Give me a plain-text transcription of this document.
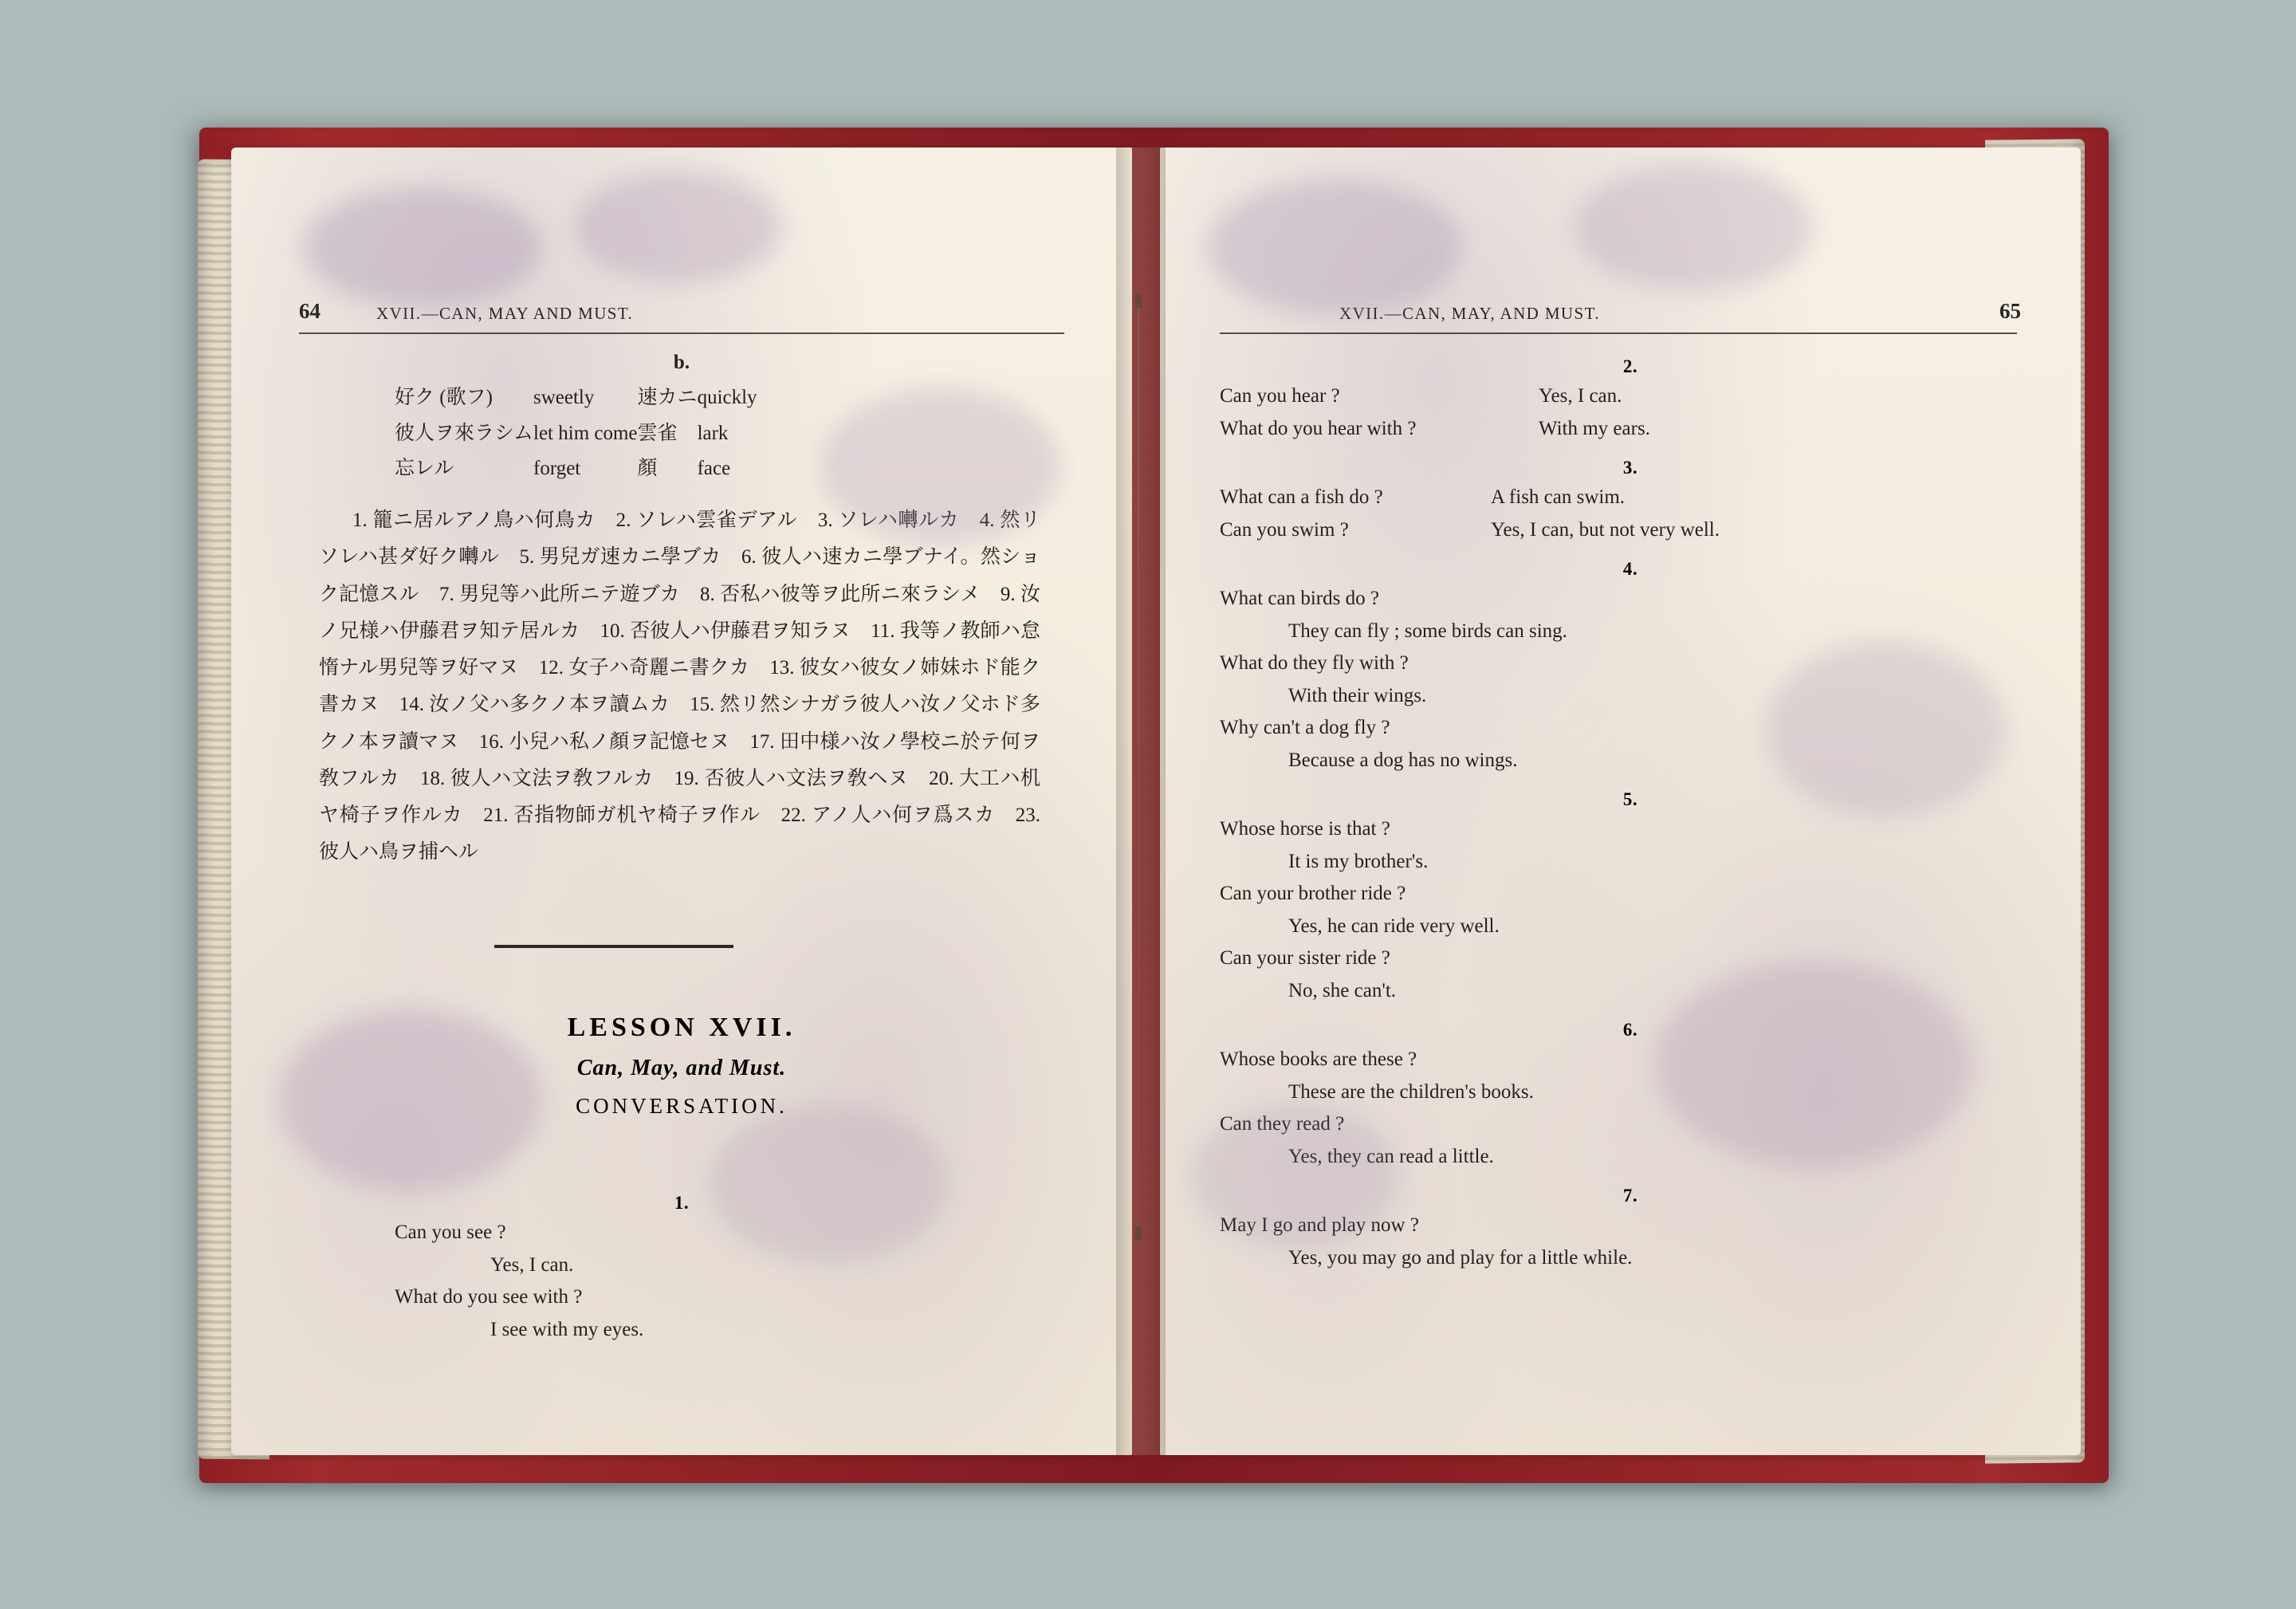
64	XVII.—CAN, MAY AND MUST.
b.
好ク (歌フ)	sweetly	速カニ	quickly
彼人ヲ來ラシム	let him come	雲雀	lark
忘レル	forget	顏	face
1. 籠ニ居ルアノ鳥ハ何鳥カ　2. ソレハ雲雀デアル　3. ソレハ囀ルカ　4. 然リソレハ甚ダ好ク囀ル　5. 男兒ガ速カニ學ブカ　6. 彼人ハ速カニ學ブナイ。然ショク記憶スル　7. 男兒等ハ此所ニテ遊ブカ　8. 否私ハ彼等ヲ此所ニ來ラシメ　9. 汝ノ兄様ハ伊藤君ヲ知テ居ルカ　10. 否彼人ハ伊藤君ヲ知ラヌ　11. 我等ノ教師ハ怠惰ナル男兒等ヲ好マヌ　12. 女子ハ奇麗ニ書クカ　13. 彼女ハ彼女ノ姉妹ホド能ク書カヌ　14. 汝ノ父ハ多クノ本ヲ讀ムカ　15. 然リ然シナガラ彼人ハ汝ノ父ホド多クノ本ヲ讀マヌ　16. 小兒ハ私ノ顏ヲ記憶セヌ　17. 田中様ハ汝ノ學校ニ於テ何ヲ敎フルカ　18. 彼人ハ文法ヲ敎フルカ　19. 否彼人ハ文法ヲ敎ヘヌ　20. 大工ハ机ヤ椅子ヲ作ルカ　21. 否指物師ガ机ヤ椅子ヲ作ル　22. アノ人ハ何ヲ爲スカ　23. 彼人ハ鳥ヲ捕ヘル
LESSON XVII.
Can, May, and Must.
CONVERSATION.
1.
Can you see ?
Yes, I can.
What do you see with ?
I see with my eyes.
XVII.—CAN, MAY, AND MUST.	65
2.
Can you hear ?	Yes, I can.
What do you hear with ?	With my ears.
3.
What can a fish do ?	A fish can swim.
Can you swim ?	Yes, I can, but not very well.
4.
What can birds do ?
They can fly ; some birds can sing.
What do they fly with ?
With their wings.
Why can't a dog fly ?
Because a dog has no wings.
5.
Whose horse is that ?
It is my brother's.
Can your brother ride ?
Yes, he can ride very well.
Can your sister ride ?
No, she can't.
6.
Whose books are these ?
These are the children's books.
Can they read ?
Yes, they can read a little.
7.
May I go and play now ?
Yes, you may go and play for a little while.
